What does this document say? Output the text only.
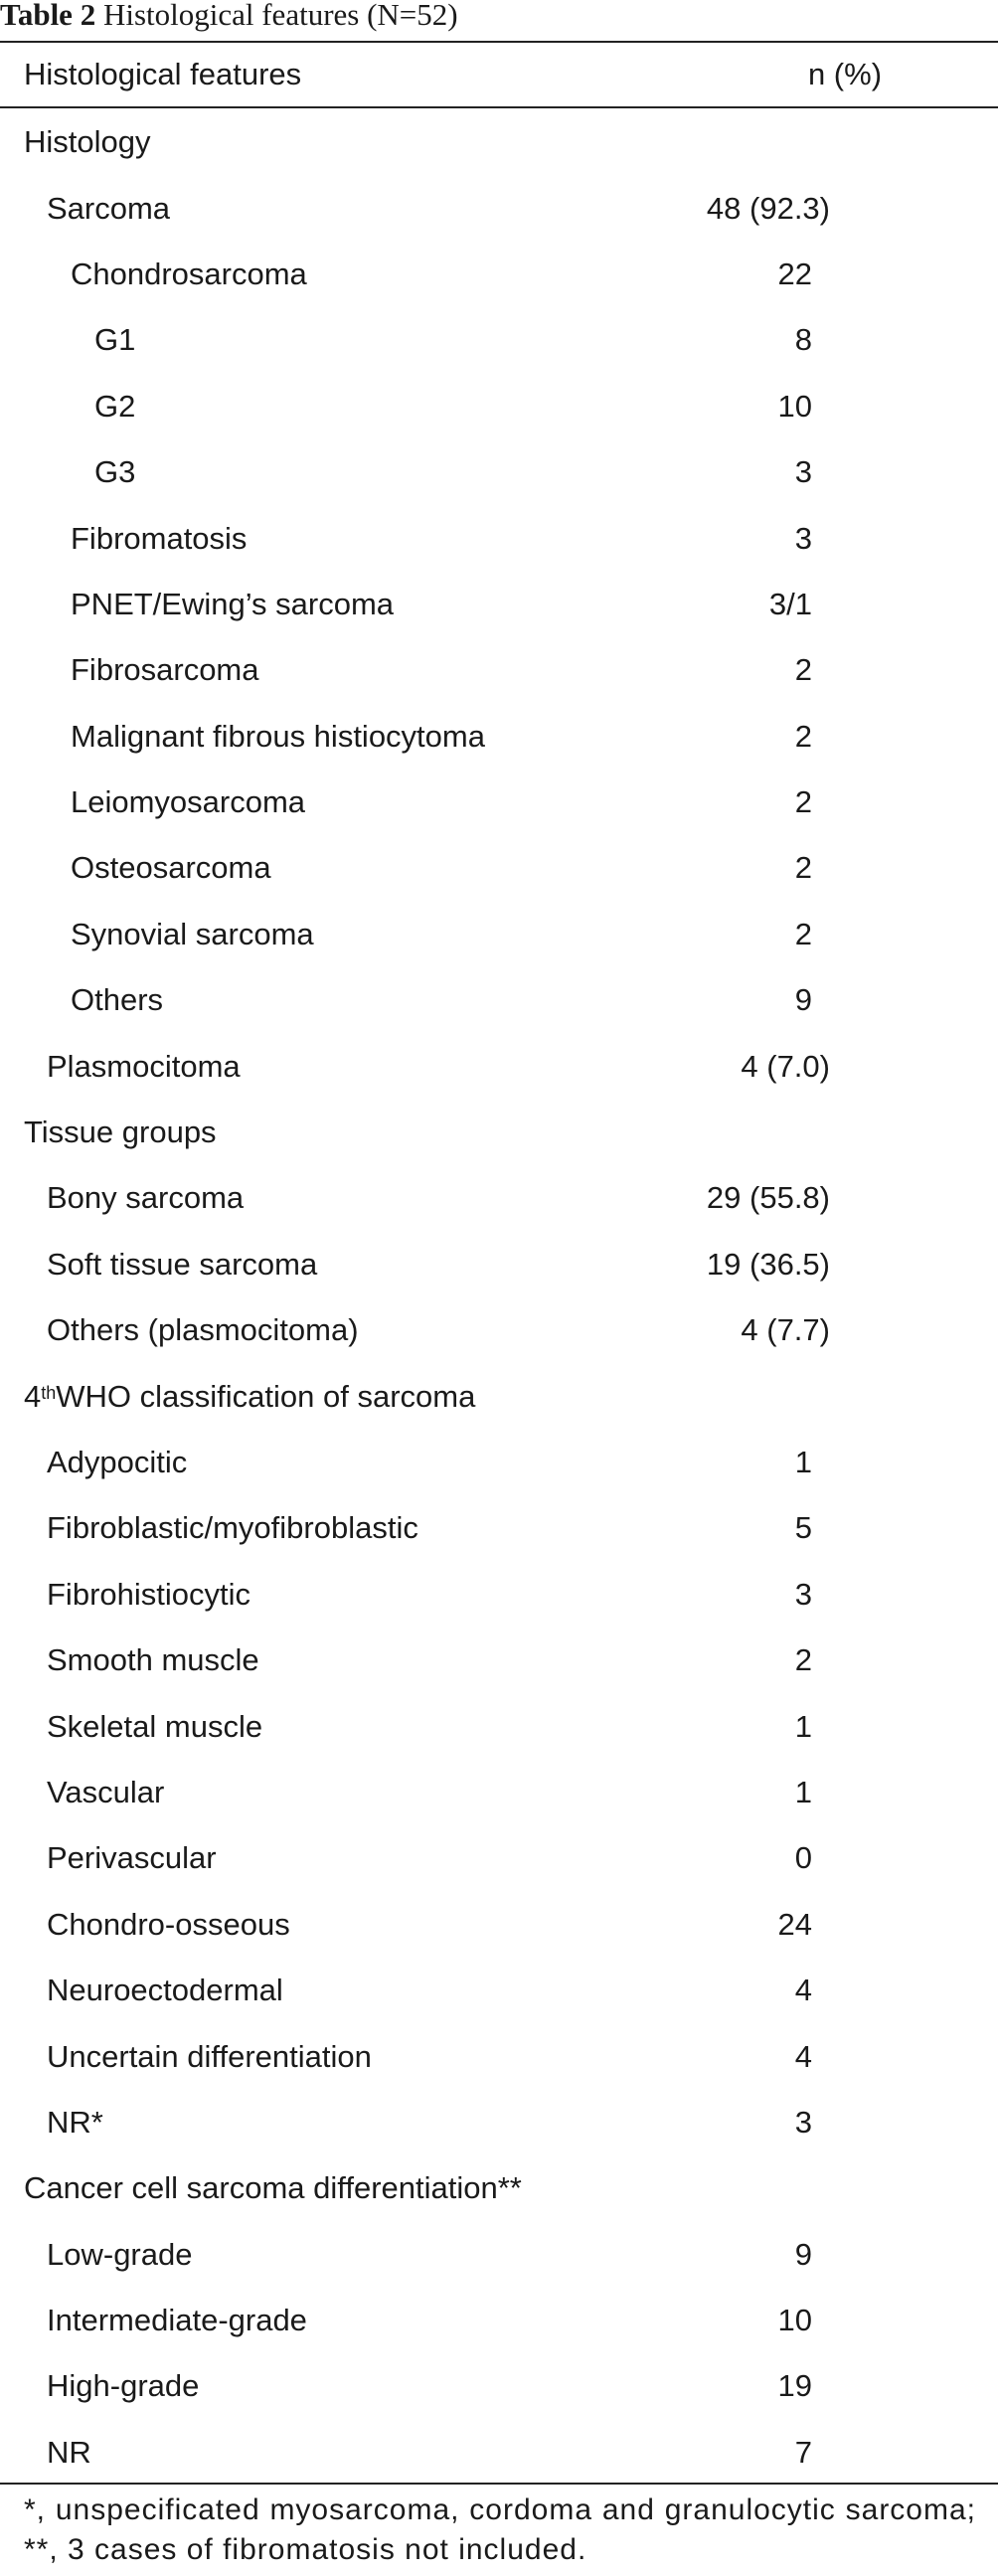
Table 2 Histological features (N=52)
Histological features	n (%)
Histology
Sarcoma	48 (92.3)
Chondrosarcoma	22
G1	8
G2	10
G3	3
Fibromatosis	3
PNET/Ewing’s sarcoma	3/1
Fibrosarcoma	2
Malignant fibrous histiocytoma	2
Leiomyosarcoma	2
Osteosarcoma	2
Synovial sarcoma	2
Others	9
Plasmocitoma	4 (7.0)
Tissue groups
Bony sarcoma	29 (55.8)
Soft tissue sarcoma	19 (36.5)
Others (plasmocitoma)	4 (7.7)
4th WHO classification of sarcoma
Adypocitic	1
Fibroblastic/myofibroblastic	5
Fibrohistiocytic	3
Smooth muscle	2
Skeletal muscle	1
Vascular	1
Perivascular	0
Chondro-osseous	24
Neuroectodermal	4
Uncertain differentiation	4
NR*	3
Cancer cell sarcoma differentiation**
Low-grade	9
Intermediate-grade	10
High-grade	19
NR	7
*, unspecificated myosarcoma, cordoma and granulocytic sarcoma; **, 3 cases of fibromatosis not included.
